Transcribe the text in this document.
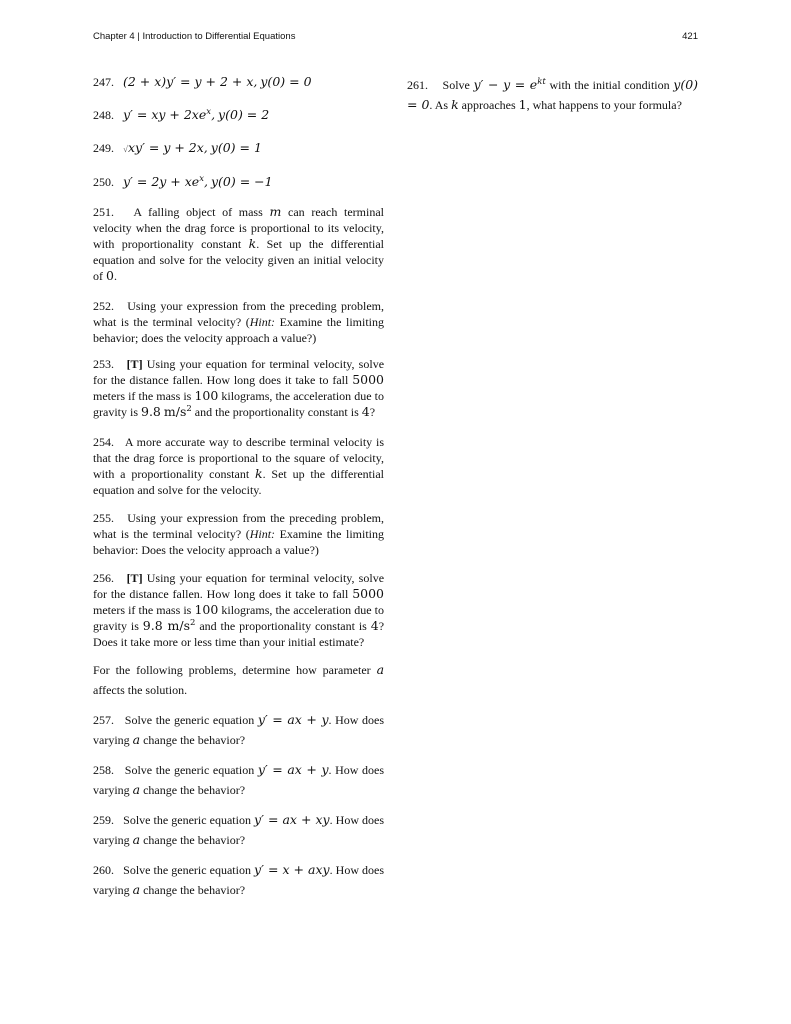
Chapter 4 | Introduction to Differential Equations	421

247. (2 + x)y′ = y + 2 + x, y(0) = 0

248. y′ = xy + $2xe^x$, y(0) = 2

249. √xy′ = y + 2x, y(0) = 1

250. $y' = 2y + xe^x$, y(0) = −1

251. A falling object of mass m can reach terminal velocity when the drag force is proportional to its velocity, with proportionality constant k. Set up the differential equation and solve for the velocity given an initial velocity of 0.

252. Using your expression from the preceding problem, what is the terminal velocity? (Hint: Examine the limiting behavior; does the velocity approach a value?)

253. [T] Using your equation for terminal velocity, solve for the distance fallen. How long does it take to fall 5000 meters if the mass is 100 kilograms, the acceleration due to gravity is 9.8 $m/s^2$ and the proportionality constant is 4?

254. A more accurate way to describe terminal velocity is that the drag force is proportional to the square of velocity, with a proportionality constant k. Set up the differential equation and solve for the velocity.

255. Using your expression from the preceding problem, what is the terminal velocity? (Hint: Examine the limiting behavior: Does the velocity approach a value?)

256. [T] Using your equation for terminal velocity, solve for the distance fallen. How long does it take to fall 5000 meters if the mass is 100 kilograms, the acceleration due to gravity is 9.8 $m/s^2$ and the proportionality constant is 4? Does it take more or less time than your initial estimate?

For the following problems, determine how parameter a affects the solution.

257. Solve the generic equation y′ = ax + y. How does varying a change the behavior?

258. Solve the generic equation y′ = ax + y. How does varying a change the behavior?

259. Solve the generic equation y′ = ax + xy. How does varying a change the behavior?

260. Solve the generic equation y′ = x + axy. How does varying a change the behavior?

261. Solve $y' - y = e^{kt}$ with the initial condition y(0) = 0. As k approaches 1, what happens to your formula?
